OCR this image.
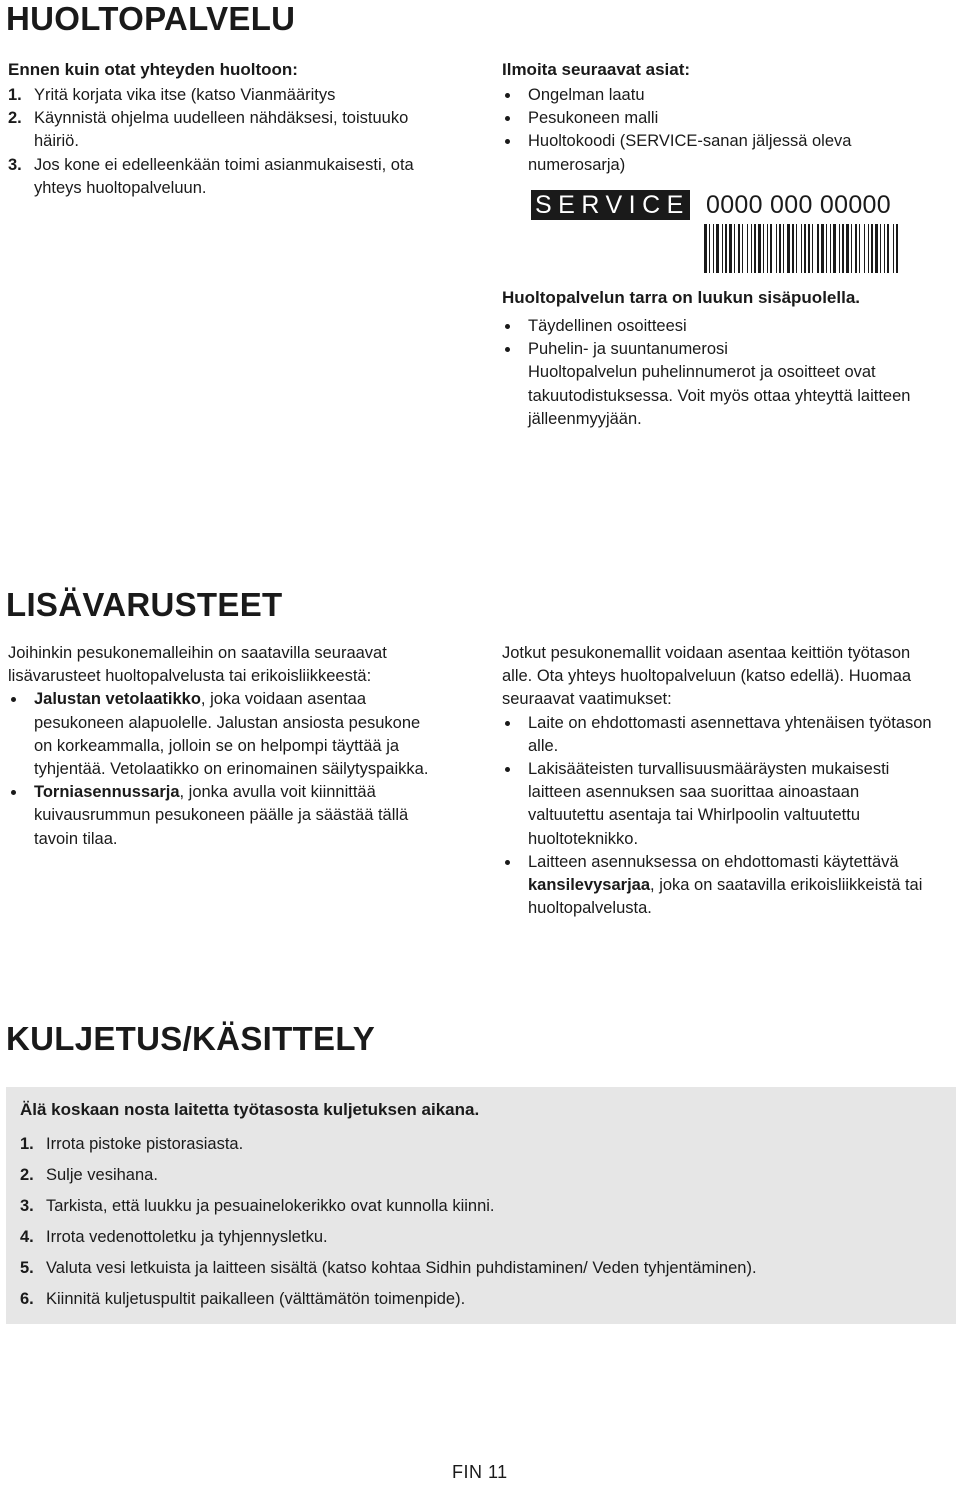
HUOLTOPALVELU
Ennen kuin otat yhteyden huoltoon:
1. Yritä korjata vika itse (katso Vianmääritys
2. Käynnistä ohjelma uudelleen nähdäksesi, toistuuko häiriö.
3. Jos kone ei edelleenkään toimi asianmukaisesti, ota yhteys huoltopalveluun.
Ilmoita seuraavat asiat:
Ongelman laatu
Pesukoneen malli
Huoltokoodi (SERVICE-sanan jäljessä oleva numerosarja)
SERVICE 0000 000 00000
Huoltopalvelun tarra on luukun sisäpuolella.
Täydellinen osoitteesi
Puhelin- ja suuntanumerosi
Huoltopalvelun puhelinnumerot ja osoitteet ovat takuutodistuksessa. Voit myös ottaa yhteyttä laitteen jälleenmyyjään.
LISÄVARUSTEET
Joihinkin pesukonemalleihin on saatavilla seuraavat lisävarusteet huoltopalvelusta tai erikoisliikkeestä:
Jalustan vetolaatikko, joka voidaan asentaa pesukoneen alapuolelle. Jalustan ansiosta pesukone on korkeammalla, jolloin se on helpompi täyttää ja tyhjentää. Vetolaatikko on erinomainen säilytyspaikka.
Torniasennussarja, jonka avulla voit kiinnittää kuivausrummun pesukoneen päälle ja säästää tällä tavoin tilaa.
Jotkut pesukonemallit voidaan asentaa keittiön työtason alle. Ota yhteys huoltopalveluun (katso edellä). Huomaa seuraavat vaatimukset:
Laite on ehdottomasti asennettava yhtenäisen työtason alle.
Lakisääteisten turvallisuusmääräysten mukaisesti laitteen asennuksen saa suorittaa ainoastaan valtuutettu asentaja tai Whirlpoolin valtuutettu huoltoteknikko.
Laitteen asennuksessa on ehdottomasti käytettävä kansilevysarjaa, joka on saatavilla erikoisliikkeistä tai huoltopalvelusta.
KULJETUS/KÄSITTELY
Älä koskaan nosta laitetta työtasosta kuljetuksen aikana.
1. Irrota pistoke pistorasiasta.
2. Sulje vesihana.
3. Tarkista, että luukku ja pesuainelokerikko ovat kunnolla kiinni.
4. Irrota vedenottoletku ja tyhjennysletku.
5. Valuta vesi letkuista ja laitteen sisältä (katso kohtaa Sidhin puhdistaminen/ Veden tyhjentäminen).
6. Kiinnitä kuljetuspultit paikalleen (välttämätön toimenpide).
FIN 11
